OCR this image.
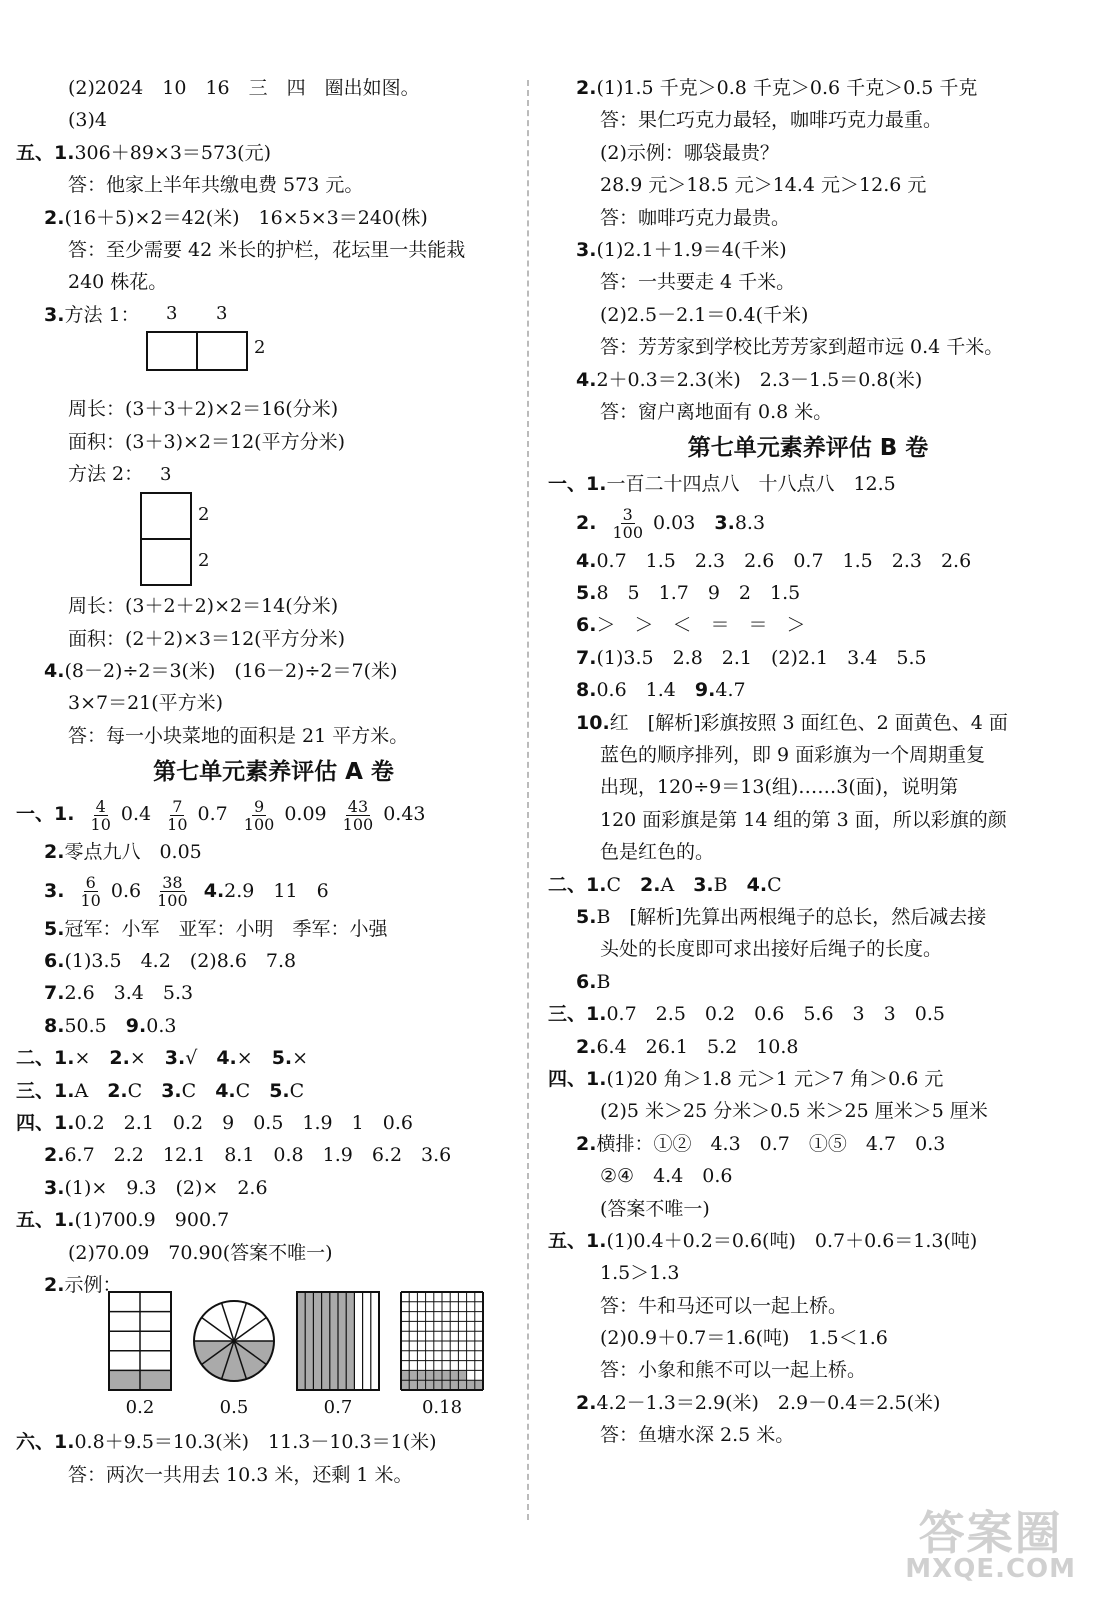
(2)2024　10　16　三　四　圈出如图。
(3)4
五、1.306＋89×3＝573(元)
答：他家上半年共缴电费 573 元。
2.(16＋5)×2＝42(米)　16×5×3＝240(株)
答：至少需要 42 米长的护栏，花坛里一共能栽
240 株花。
3.方法 1：	3 3
2
周长：(3＋3＋2)×2＝16(分米)
面积：(3＋3)×2＝12(平方分米)
方法 2： 3
2
2
周长：(3＋2＋2)×2＝14(分米)
面积：(2＋2)×3＝12(平方分米)
4.(8－2)÷2＝3(米)　(16－2)÷2＝7(米)
3×7＝21(平方米)
答：每一小块菜地的面积是 21 平方米。
第七单元素养评估 A 卷
一、1. $\frac{4}{10} 0.4 \frac{7}{10} 0.7 \frac{9}{100} 0.09 \frac{43}{100} 0.43$
2.零点九八　0.05
3. $\frac{6}{10} 0.6 \frac{38}{100} 4.2.9$　11　6
5.冠军：小军　亚军：小明　季军：小强
6.(1)3.5　4.2　(2)8.6　7.8
7.2.6　3.4　5.3
8.50.5　 9.0.3
二、1.×　2.×　3.√　4.×　5.×
三、1.A　2.C　3.C　4.C　5.C
四、1.0.2　2.1　0.2　9　0.5　1.9　1　0.6
2.6.7　2.2　12.1　8.1　0.8　1.9　6.2　3.6
3.(1)×　9.3　(2)×　2.6
五、1.(1)700.9　900.7
(2)70.09　70.90(答案不唯一)
2.示例：
0.2	0.5	0.7	0.18
六、1.0.8＋9.5＝10.3(米)　11.3－10.3＝1(米)
答：两次一共用去 10.3 米，还剩 1 米。
2.(1)1.5 千克＞0.8 千克＞0.6 千克＞0.5 千克
答：果仁巧克力最轻，咖啡巧克力最重。
(2)示例：哪袋最贵？
28.9 元＞18.5 元＞14.4 元＞12.6 元
答：咖啡巧克力最贵。
3.(1)2.1＋1.9＝4(千米)
答：一共要走 4 千米。
(2)2.5－2.1＝0.4(千米)
答：芳芳家到学校比芳芳家到超市远 0.4 千米。
4.2＋0.3＝2.3(米)　2.3－1.5＝0.8(米)
答：窗户离地面有 0.8 米。
第七单元素养评估 B 卷
一、1.一百二十四点八　十八点八　12.5
2. $\frac{3}{100} 0.03$　 3.8.3
4.0.7　1.5　2.3　2.6　0.7　1.5　2.3　2.6
5.8　5　1.7　9　2　1.5
6.＞　＞　＜　＝　＝　＞
7.(1)3.5　2.8　2.1　(2)2.1　3.4　5.5
8.0.6　1.4　 9.4.7
10.红　[解析]彩旗按照 3 面红色、2 面黄色、4 面
蓝色的顺序排列，即 9 面彩旗为一个周期重复
出现，120÷9＝13(组)……3(面)，说明第
120 面彩旗是第 14 组的第 3 面，所以彩旗的颜
色是红色的。
二、1.C　2.A　3.B　4.C
5.B　[解析]先算出两根绳子的总长，然后减去接
头处的长度即可求出接好后绳子的长度。
6.B
三、1.0.7　2.5　0.2　0.6　5.6　3　3　0.5
2.6.4　26.1　5.2　10.8
四、1.(1)20 角＞1.8 元＞1 元＞7 角＞0.6 元
(2)5 米＞25 分米＞0.5 米＞25 厘米＞5 厘米
2.横排：①②　4.3　0.7　①⑤　4.7　0.3
②④　4.4　0.6
(答案不唯一)
五、1.(1)0.4＋0.2＝0.6(吨)　0.7＋0.6＝1.3(吨)
1.5＞1.3
答：牛和马还可以一起上桥。
(2)0.9＋0.7＝1.6(吨)　1.5＜1.6
答：小象和熊不可以一起上桥。
2.4.2－1.3＝2.9(米)　2.9－0.4＝2.5(米)
答：鱼塘水深 2.5 米。
答案圈
MXQE.COM
